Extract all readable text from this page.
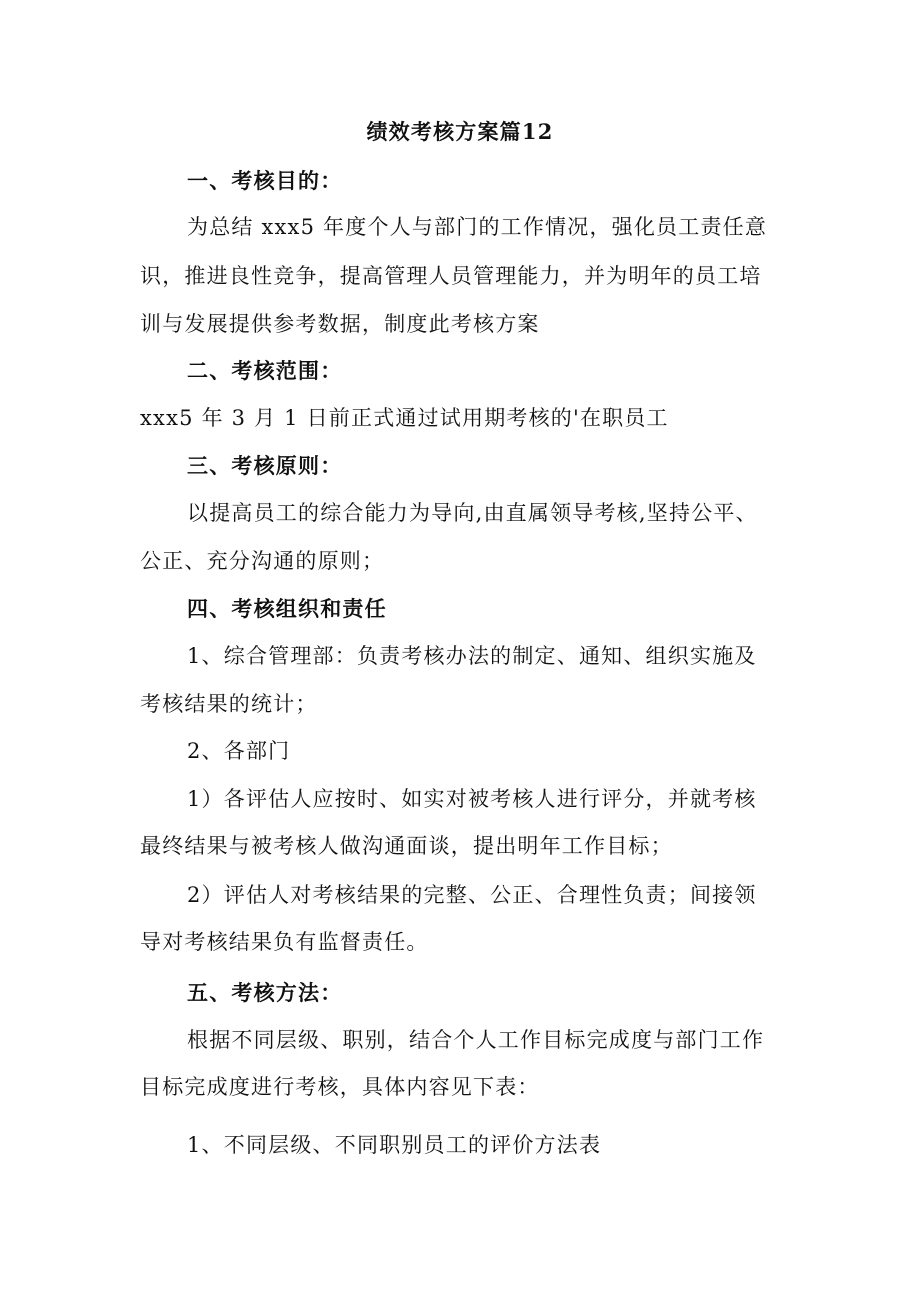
绩效考核方案篇12

一、考核目的：

为总结 xxx5 年度个人与部门的工作情况，强化员工责任意

识，推进良性竞争，提高管理人员管理能力，并为明年的员工培

训与发展提供参考数据，制度此考核方案

二、考核范围：

xxx5 年 3 月 1 日前正式通过试用期考核的'在职员工

三、考核原则：

以提高员工的综合能力为导向,由直属领导考核,坚持公平、

公正、充分沟通的原则；

四、考核组织和责任

1、综合管理部：负责考核办法的制定、通知、组织实施及

考核结果的统计；

2、各部门

1）各评估人应按时、如实对被考核人进行评分，并就考核

最终结果与被考核人做沟通面谈，提出明年工作目标；

2）评估人对考核结果的完整、公正、合理性负责；间接领

导对考核结果负有监督责任。

五、考核方法：

根据不同层级、职别，结合个人工作目标完成度与部门工作

目标完成度进行考核，具体内容见下表：

1、不同层级、不同职别员工的评价方法表
